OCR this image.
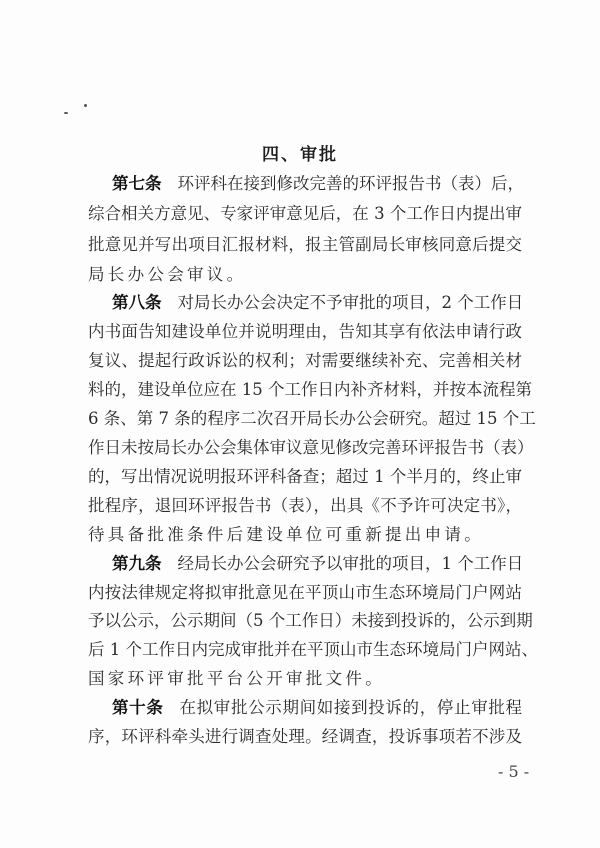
四、审批
第七条 环评科在接到修改完善的环评报告书（表）后，
综合相关方意见、专家评审意见后，在 3 个工作日内提出审
批意见并写出项目汇报材料，报主管副局长审核同意后提交
局长办公会审议。
第八条 对局长办公会决定不予审批的项目，2 个工作日
内书面告知建设单位并说明理由，告知其享有依法申请行政
复议、提起行政诉讼的权利；对需要继续补充、完善相关材
料的，建设单位应在 15 个工作日内补齐材料，并按本流程第
6 条、第 7 条的程序二次召开局长办公会研究。超过 15 个工
作日未按局长办公会集体审议意见修改完善环评报告书（表）
的，写出情况说明报环评科备查；超过 1 个半月的，终止审
批程序，退回环评报告书（表），出具《不予许可决定书》，
待具备批准条件后建设单位可重新提出申请。
第九条 经局长办公会研究予以审批的项目，1 个工作日
内按法律规定将拟审批意见在平顶山市生态环境局门户网站
予以公示，公示期间（5 个工作日）未接到投诉的，公示到期
后 1 个工作日内完成审批并在平顶山市生态环境局门户网站、
国家环评审批平台公开审批文件。
第十条 在拟审批公示期间如接到投诉的，停止审批程
序，环评科牵头进行调查处理。经调查，投诉事项若不涉及
- 5 -
